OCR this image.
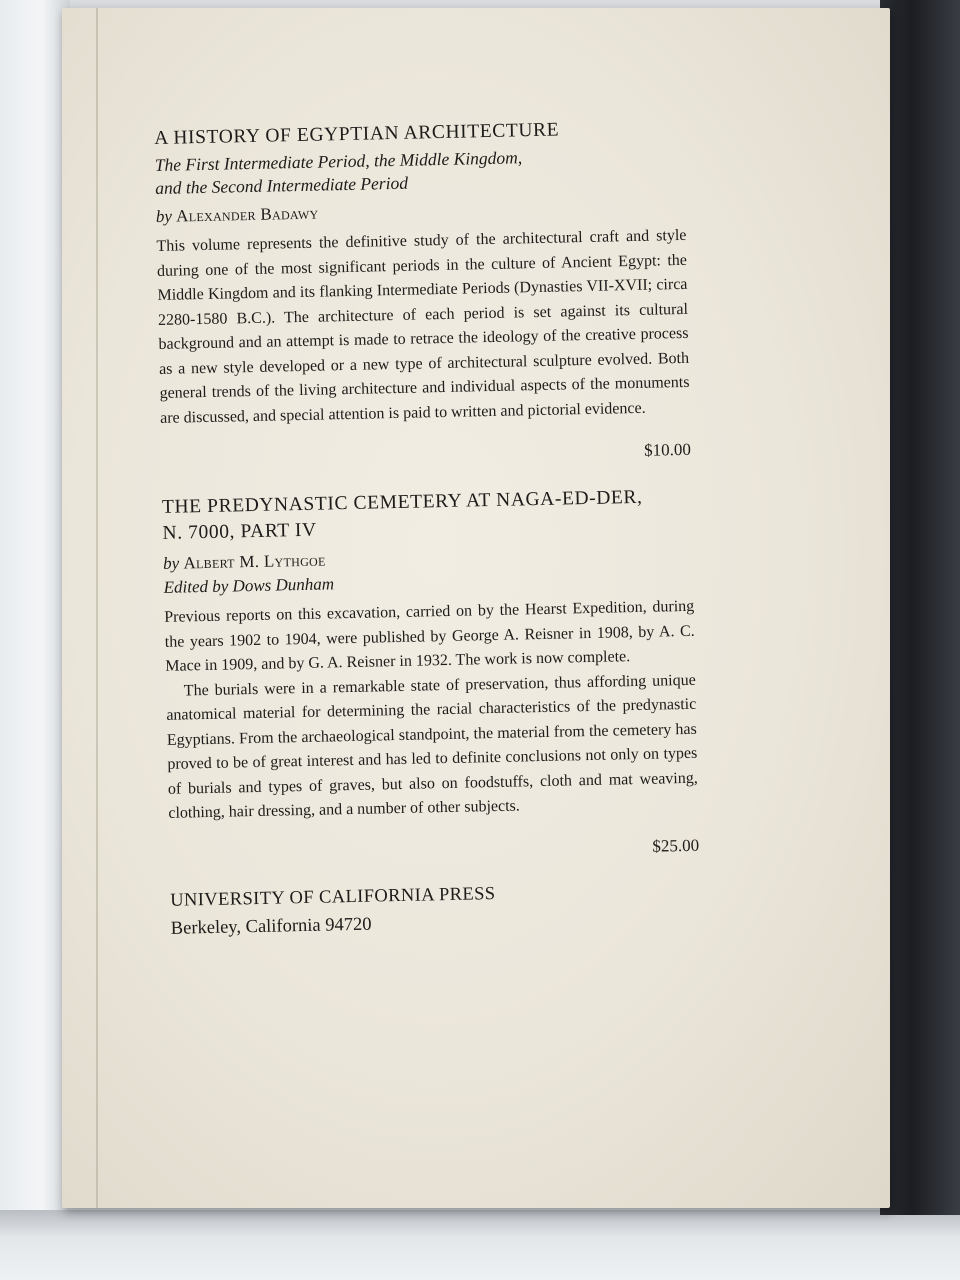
A HISTORY OF EGYPTIAN ARCHITECTURE

The First Intermediate Period, the Middle Kingdom,
and the Second Intermediate Period

by Alexander Badawy

This volume represents the definitive study of the architectural craft and style during one of the most significant periods in the culture of Ancient Egypt: the Middle Kingdom and its flanking Intermediate Periods (Dynasties VII-XVII; circa 2280-1580 B.C.). The architecture of each period is set against its cultural background and an attempt is made to retrace the ideology of the creative process as a new style developed or a new type of architectural sculpture evolved. Both general trends of the living architecture and individual aspects of the monuments are discussed, and special attention is paid to written and pictorial evidence.

$10.00

THE PREDYNASTIC CEMETERY AT NAGA-ED-DER,
N. 7000, PART IV

by Albert M. Lythgoe
Edited by Dows Dunham

Previous reports on this excavation, carried on by the Hearst Expedition, during the years 1902 to 1904, were published by George A. Reisner in 1908, by A. C. Mace in 1909, and by G. A. Reisner in 1932. The work is now complete.

The burials were in a remarkable state of preservation, thus affording unique anatomical material for determining the racial characteristics of the predynastic Egyptians. From the archaeological standpoint, the material from the cemetery has proved to be of great interest and has led to definite conclusions not only on types of burials and types of graves, but also on foodstuffs, cloth and mat weaving, clothing, hair dressing, and a number of other subjects.

$25.00

UNIVERSITY OF CALIFORNIA PRESS
Berkeley, California 94720
